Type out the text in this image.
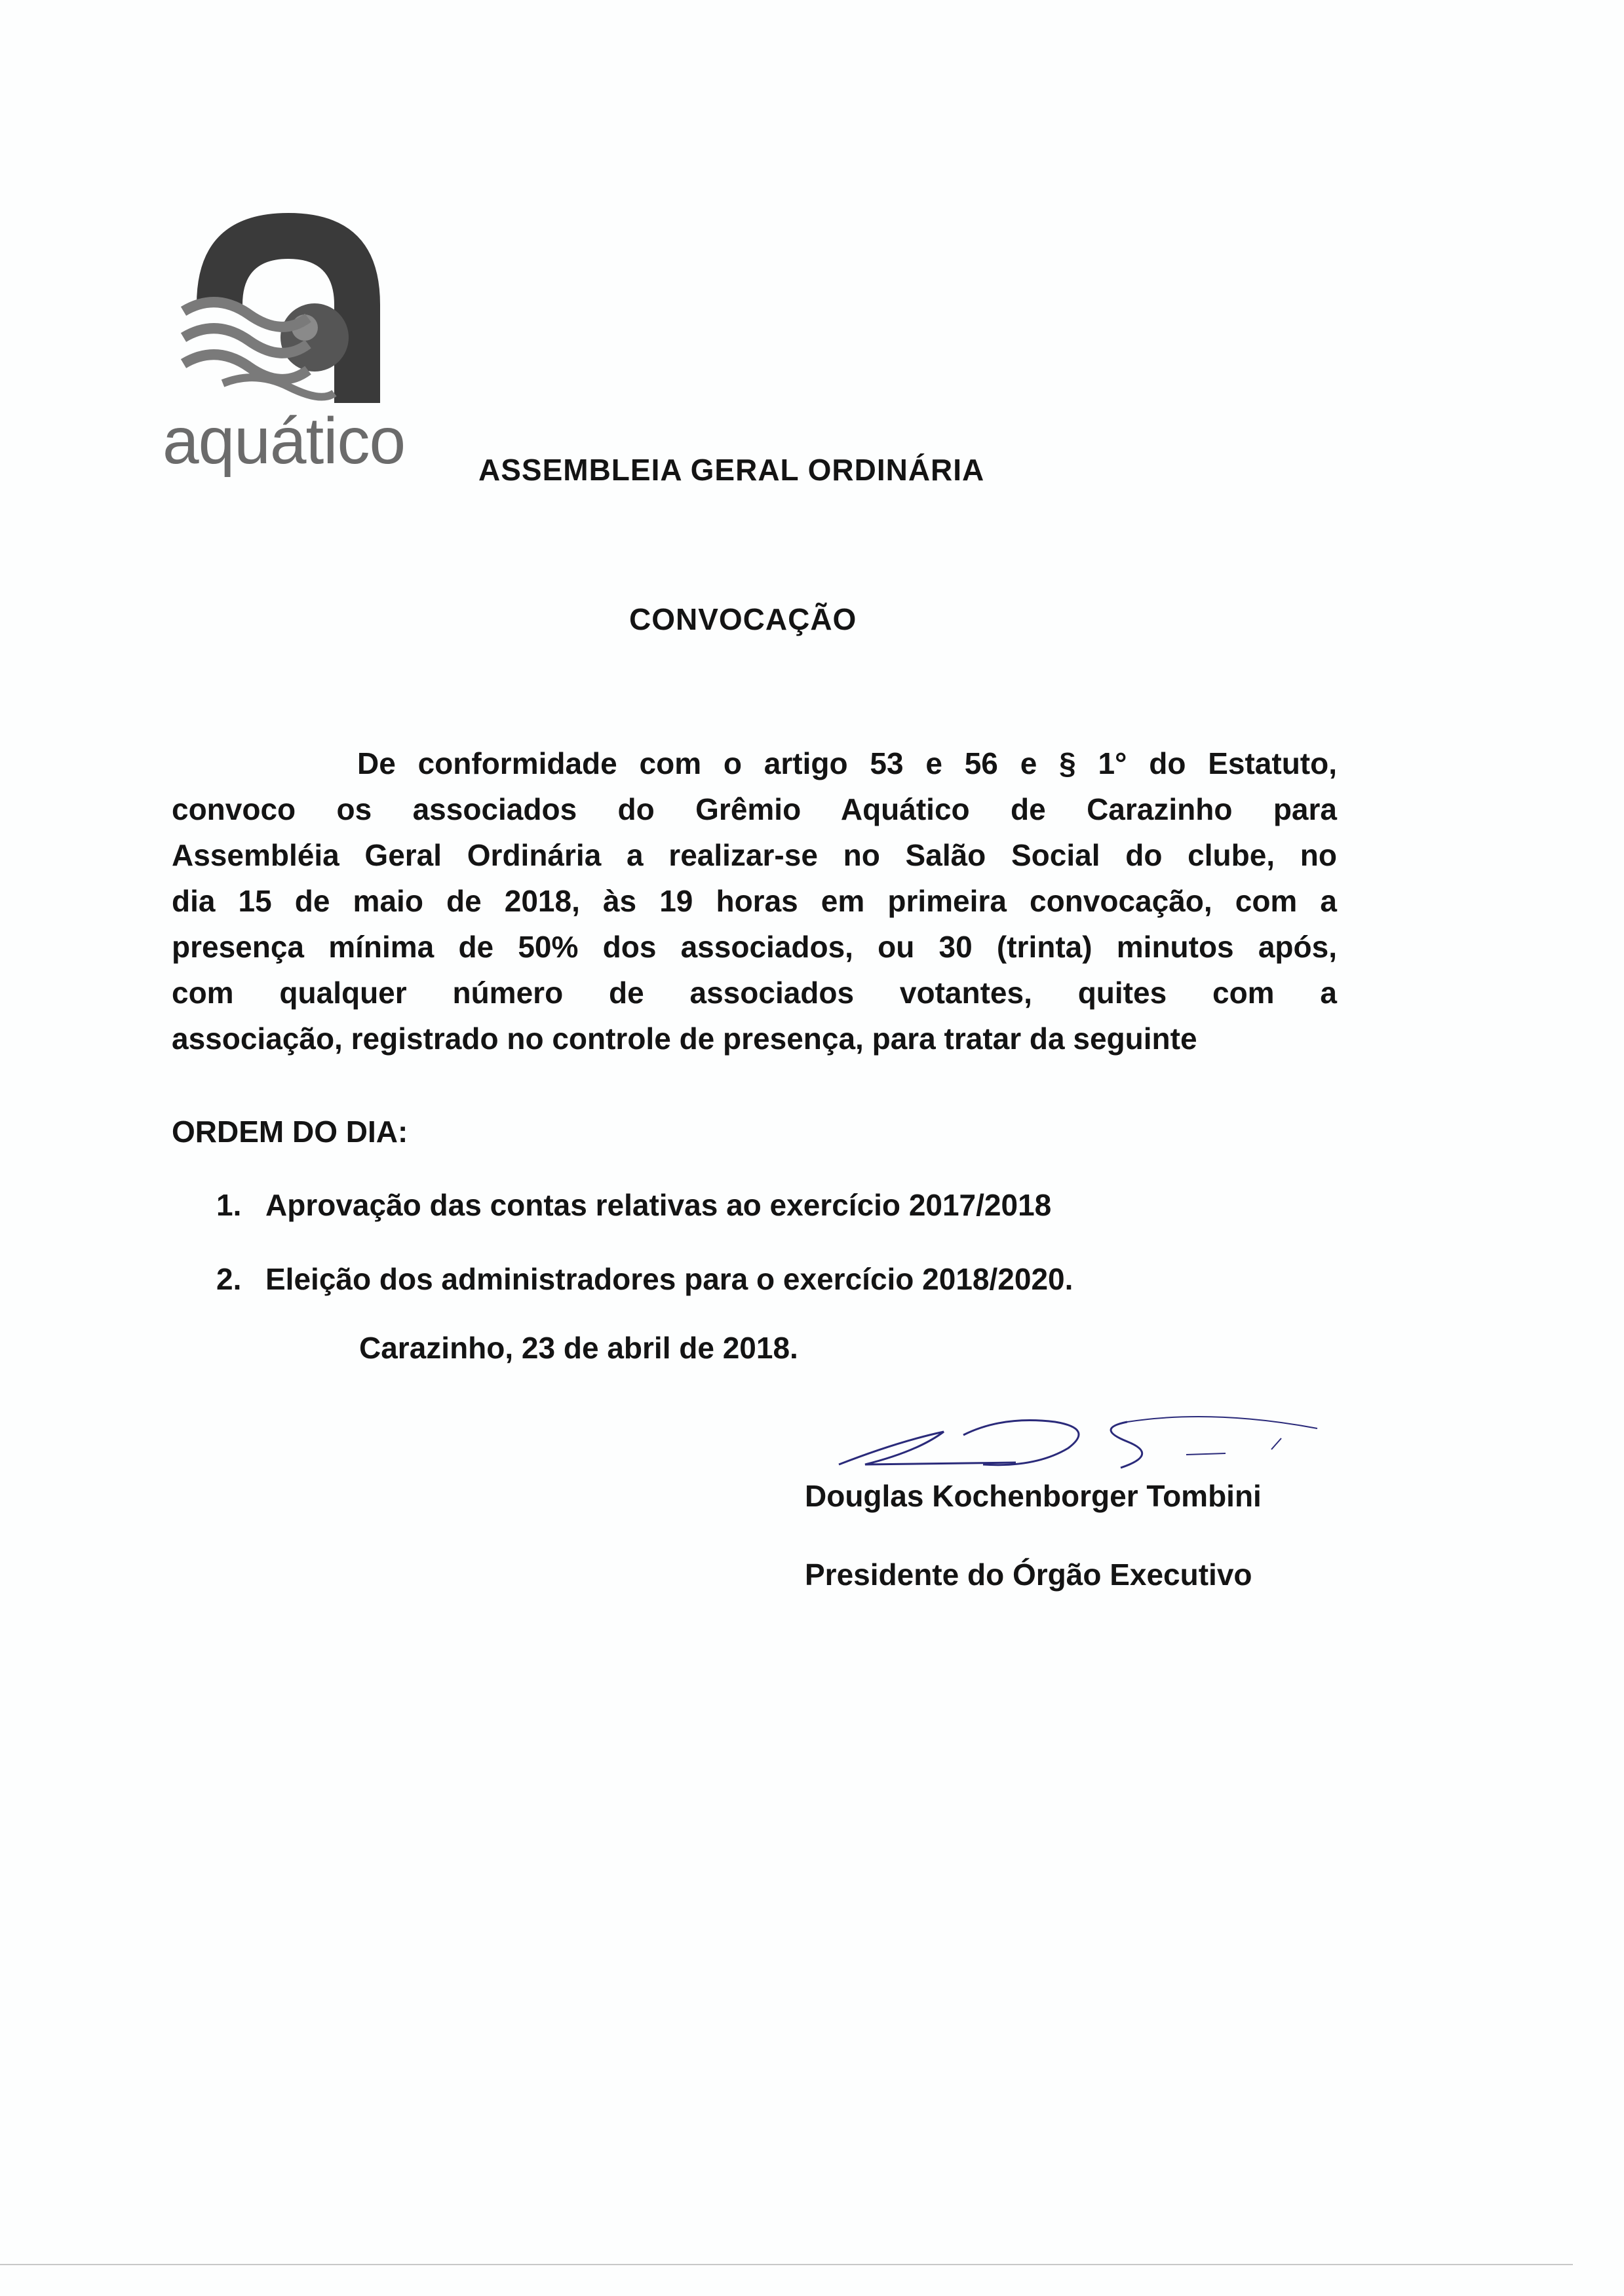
aquático ASSEMBLEIA GERAL ORDINÁRIA
CONVOCAÇÃO
De conformidade com o artigo 53 e 56 e § 1° do Estatuto,
convoco os associados do Grêmio Aquático de Carazinho para
Assembléia Geral Ordinária a realizar-se no Salão Social do clube, no
dia 15 de maio de 2018, às 19 horas em primeira convocação, com a
presença mínima de 50% dos associados, ou 30 (trinta) minutos após,
com qualquer número de associados votantes, quites com a
associação, registrado no controle de presença, para tratar da seguinte
ORDEM DO DIA:
1. Aprovação das contas relativas ao exercício 2017/2018
2. Eleição dos administradores para o exercício 2018/2020.
Carazinho, 23 de abril de 2018.
Douglas Kochenborger Tombini
Presidente do Órgão Executivo
